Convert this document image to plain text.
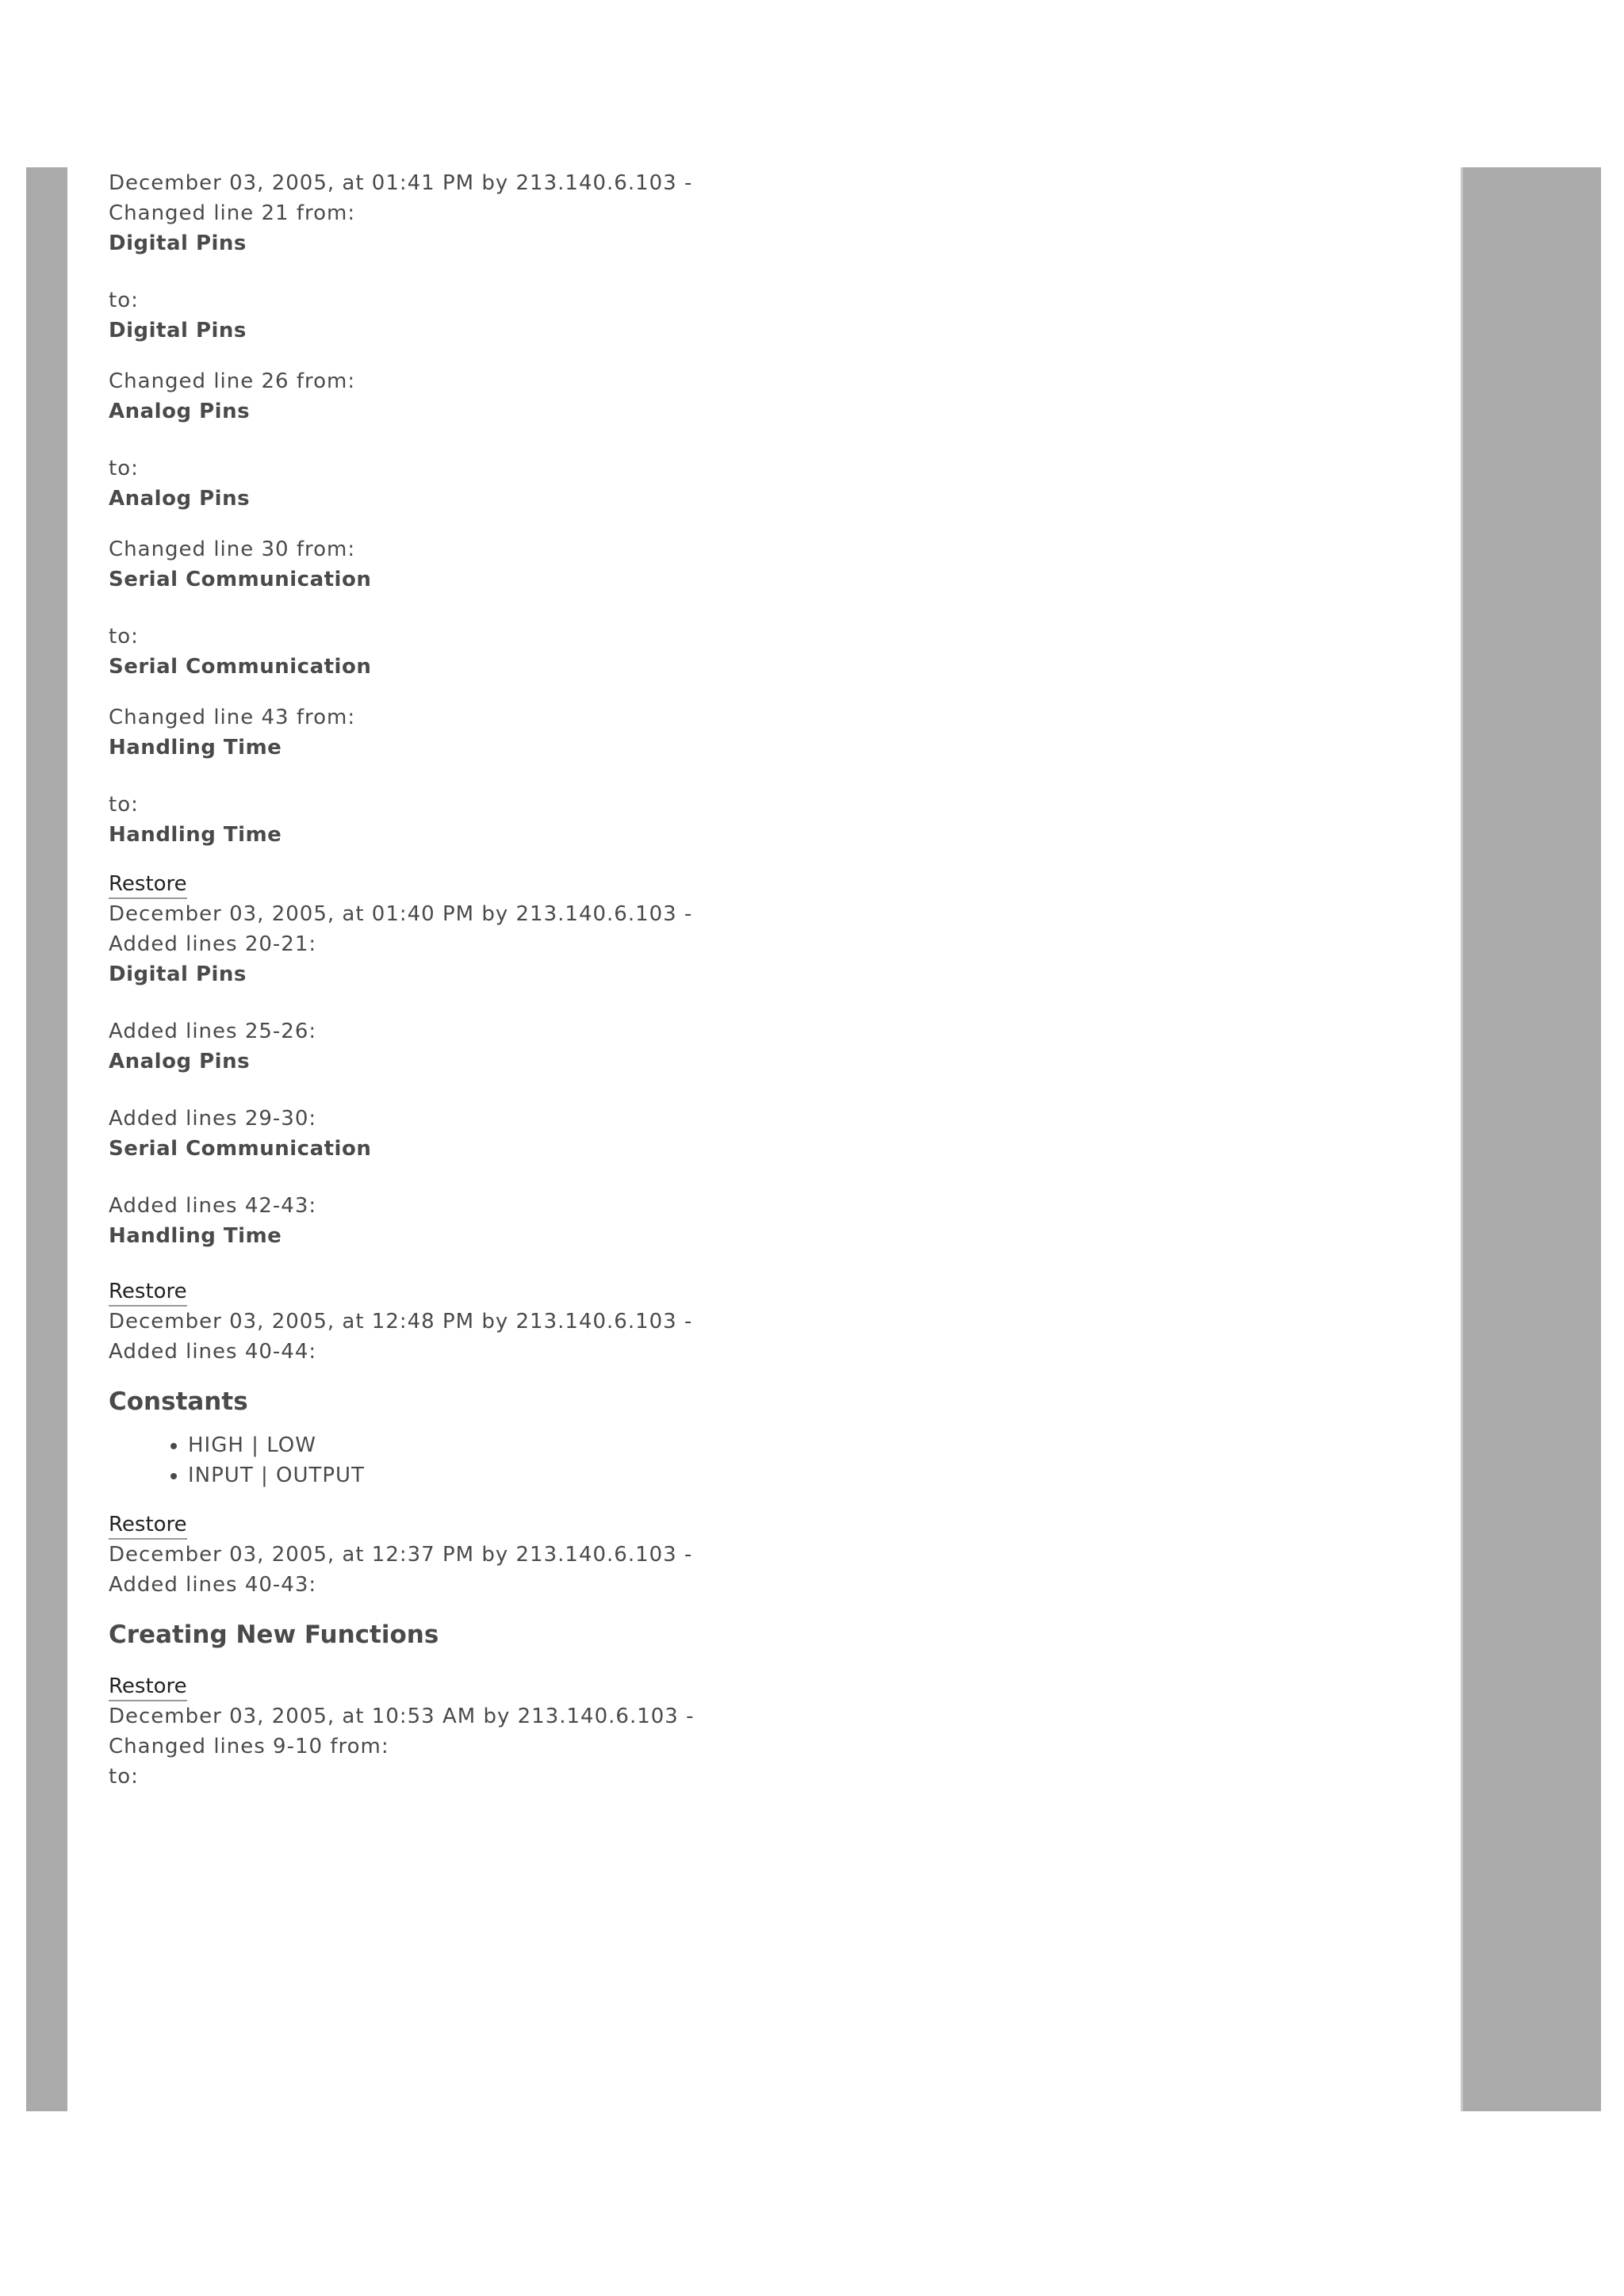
December 03, 2005, at 01:41 PM by 213.140.6.103 -

Changed line 21 from:

Digital Pins

to:

Digital Pins

Changed line 26 from:

Analog Pins

to:

Analog Pins

Changed line 30 from:

Serial Communication

to:

Serial Communication

Changed line 43 from:

Handling Time

to:

Handling Time

Restore

December 03, 2005, at 01:40 PM by 213.140.6.103 -

Added lines 20-21:

Digital Pins

Added lines 25-26:

Analog Pins

Added lines 29-30:

Serial Communication

Added lines 42-43:

Handling Time

Restore

December 03, 2005, at 12:48 PM by 213.140.6.103 -

Added lines 40-44:

Constants

• HIGH | LOW
• INPUT | OUTPUT
Restore

December 03, 2005, at 12:37 PM by 213.140.6.103 -

Added lines 40-43:

Creating New Functions

Restore

December 03, 2005, at 10:53 AM by 213.140.6.103 -

Changed lines 9-10 from:

to:
